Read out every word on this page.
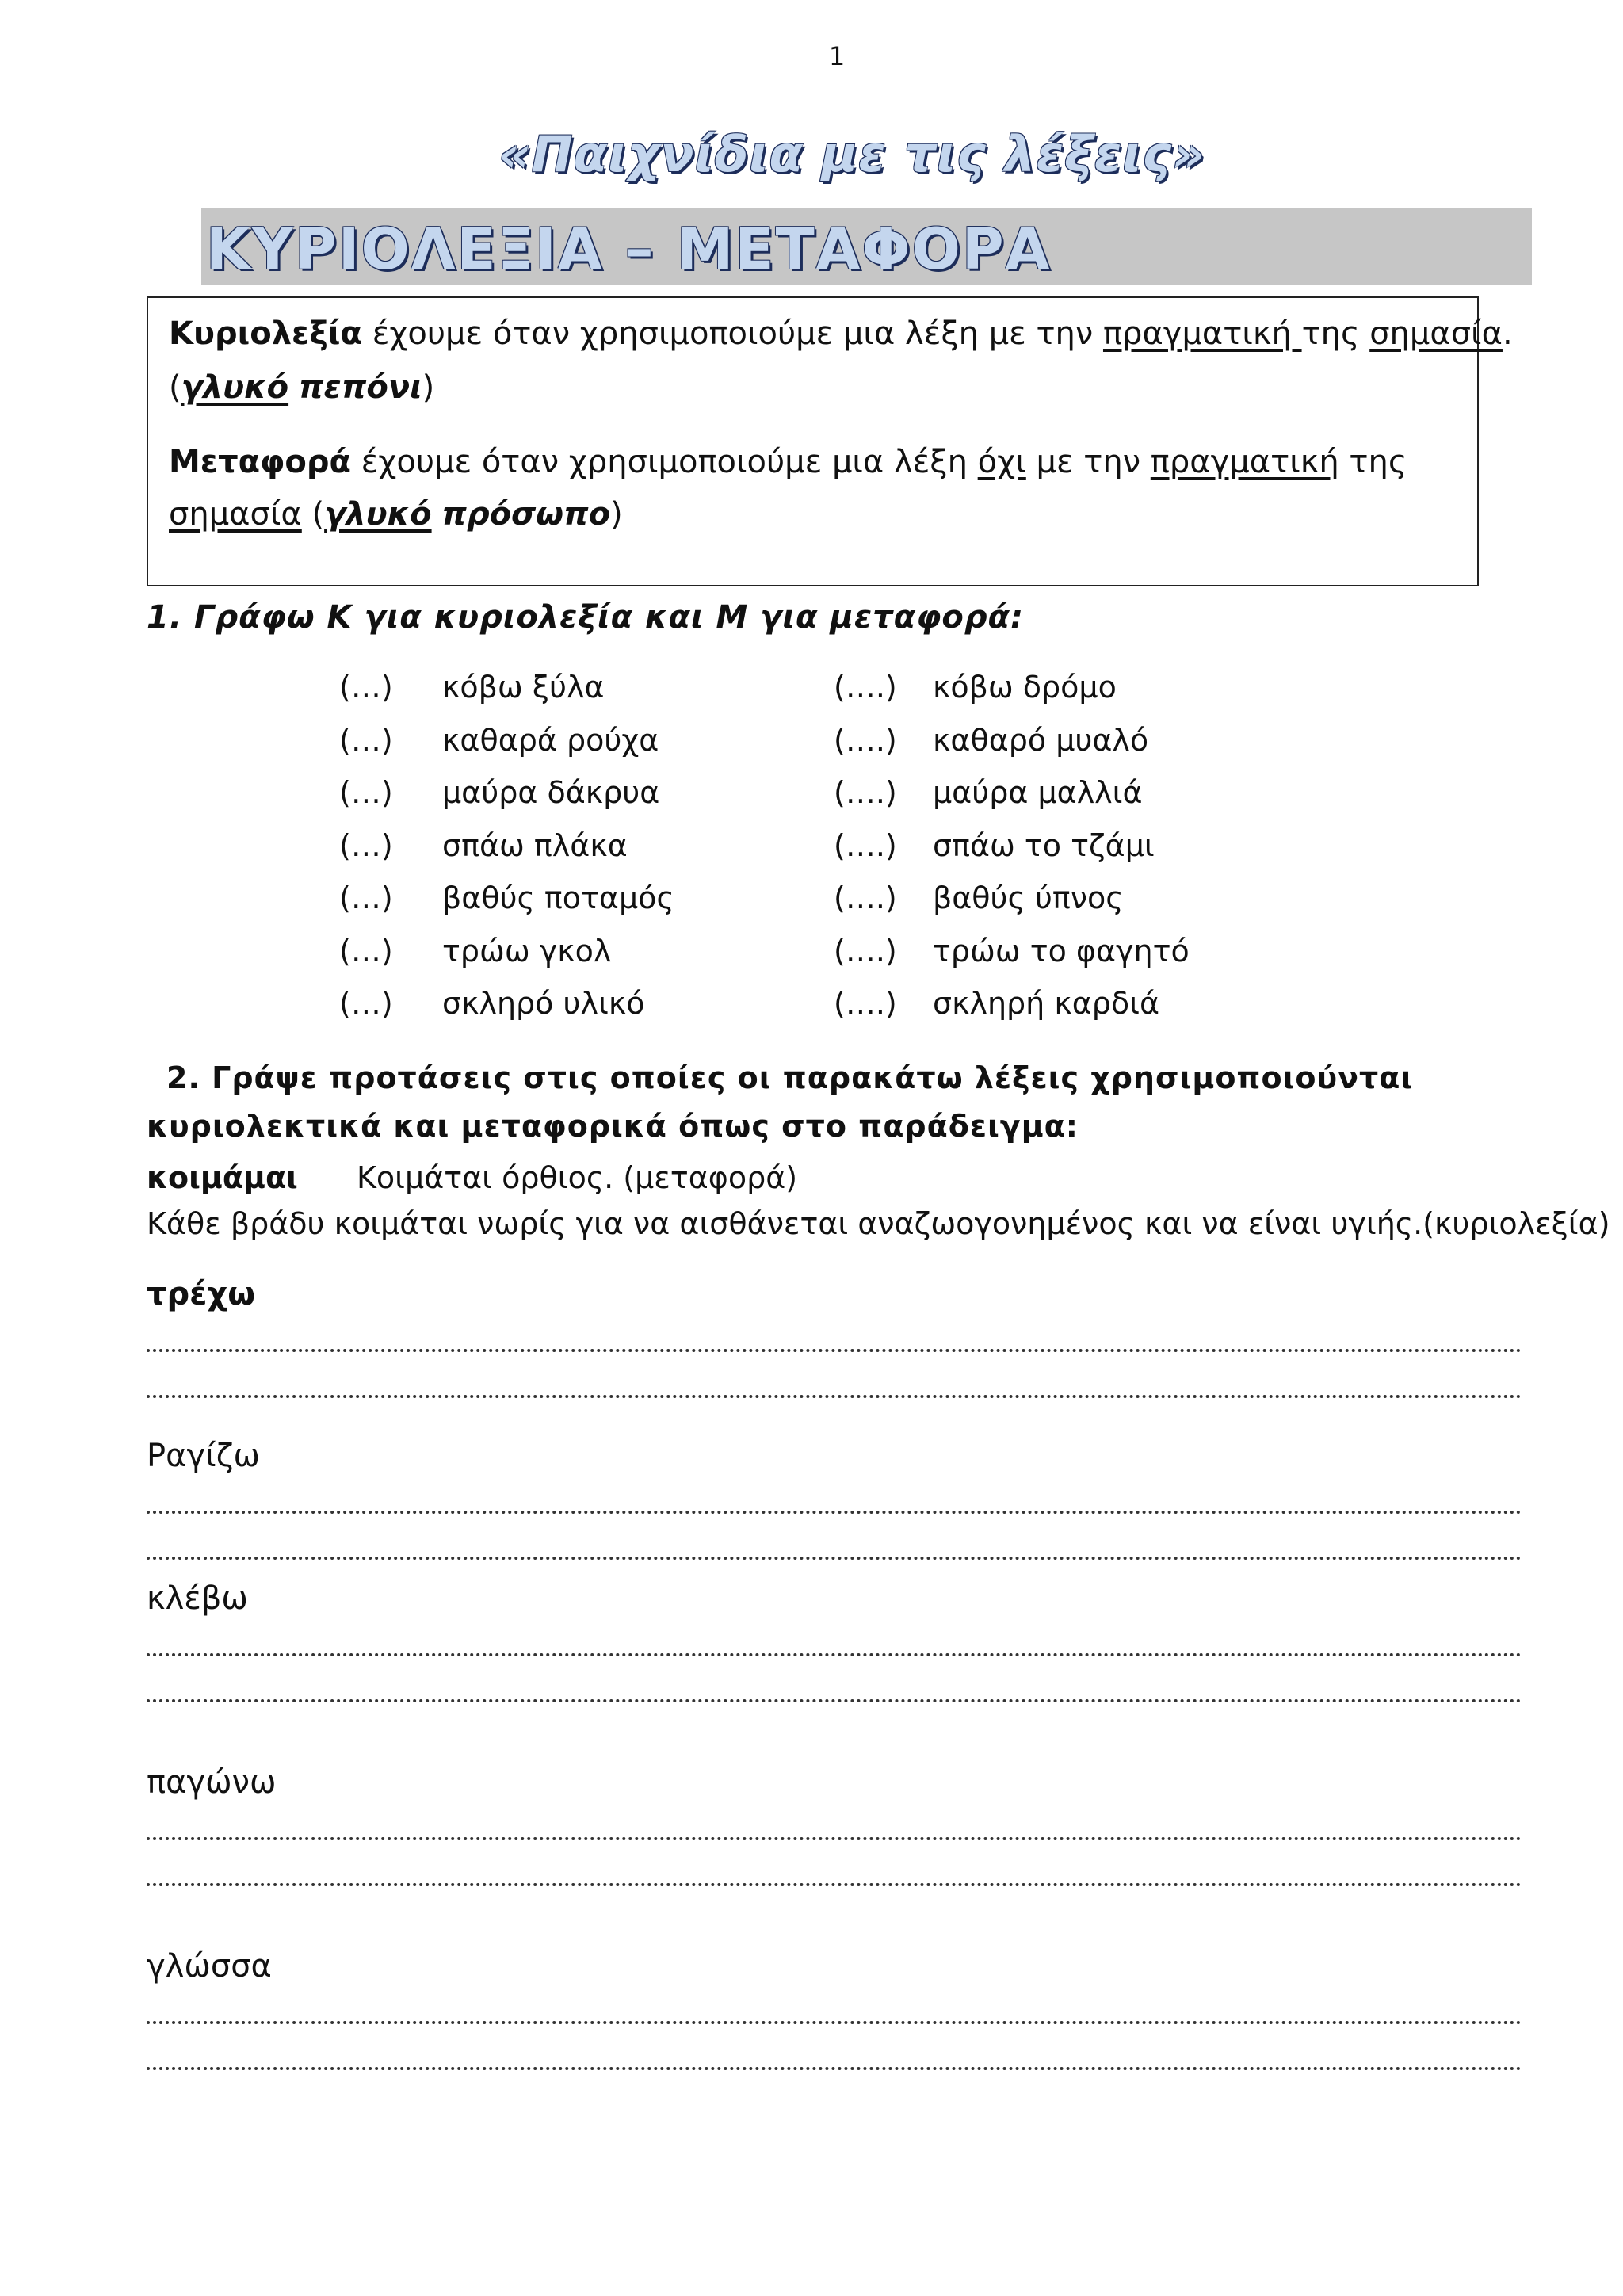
1
«Παιχνίδια με τις λέξεις»
ΚΥΡΙΟΛΕΞΙΑ – ΜΕΤΑΦΟΡΑ
Κυριολεξία έχουμε όταν χρησιμοποιούμε μια λέξη με την πραγματική της σημασία.
(γλυκό πεπόνι)
Μεταφορά έχουμε όταν χρησιμοποιούμε μια λέξη όχι με την πραγματική της
σημασία (γλυκό πρόσωπο)
1. Γράφω Κ για κυριολεξία και Μ για μεταφορά:
(…) κόβω ξύλα
(…) καθαρά ρούχα
(…) μαύρα δάκρυα
(…) σπάω πλάκα
(…) βαθύς ποταμός
(…) τρώω γκολ
(…) σκληρό υλικό
(….) κόβω δρόμο
(….) καθαρό μυαλό
(….) μαύρα μαλλιά
(….) σπάω το τζάμι
(….) βαθύς ύπνος
(….) τρώω το φαγητό
(….) σκληρή καρδιά
2. Γράψε προτάσεις στις οποίες οι παρακάτω λέξεις χρησιμοποιούνται
κυριολεκτικά και μεταφορικά όπως στο παράδειγμα:
κοιμάμαι Κοιμάται όρθιος. (μεταφορά)
Κάθε βράδυ κοιμάται νωρίς για να αισθάνεται αναζωογονημένος και να είναι υγιής.(κυριολεξία)
τρέχω
Ραγίζω
κλέβω
παγώνω
γλώσσα
